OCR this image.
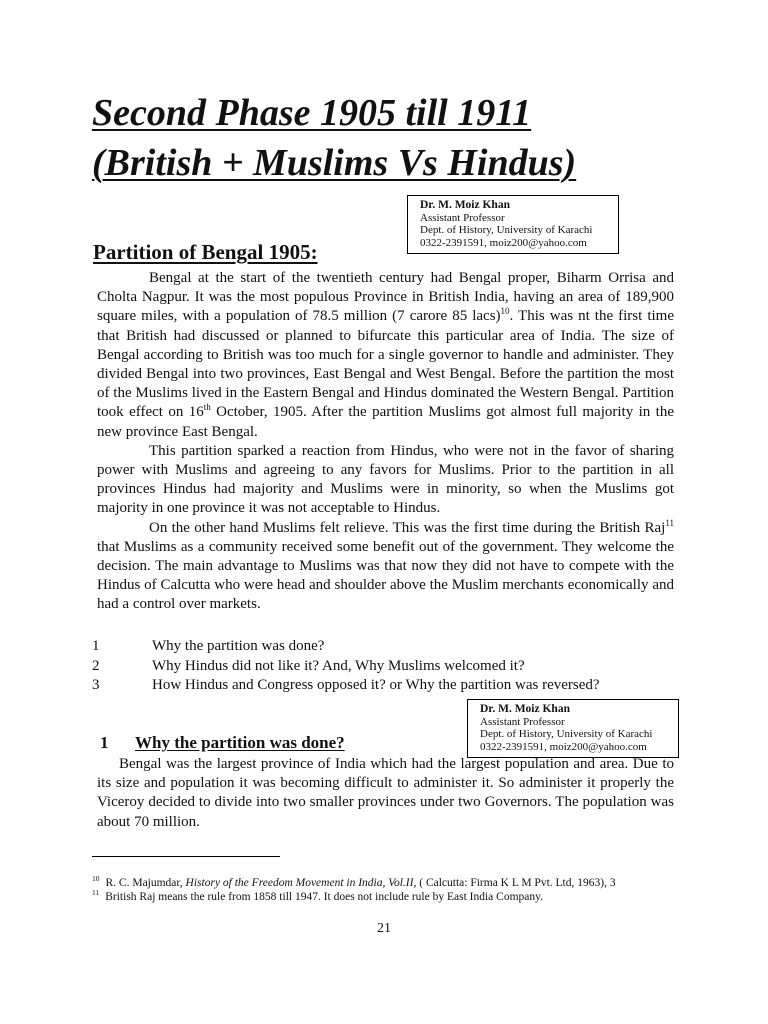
Second Phase 1905 till 1911
(British + Muslims Vs Hindus)
Dr. M. Moiz Khan
Assistant Professor
Dept. of History, University of Karachi
0322-2391591, moiz200@yahoo.com
Partition of Bengal 1905:

Bengal at the start of the twentieth century had Bengal proper, Biharm Orrisa and Cholta Nagpur. It was the most populous Province in British India, having an area of 189,900 square miles, with a population of 78.5 million (7 carore 85 lacs)$^{10}$. This was nt the first time that British had discussed or planned to bifurcate this particular area of India. The size of Bengal according to British was too much for a single governor to handle and administer. They divided Bengal into two provinces, East Bengal and West Bengal. Before the partition the most of the Muslims lived in the Eastern Bengal and Hindus dominated the Western Bengal. Partition took effect on 16th October, 1905. After the partition Muslims got almost full majority in the new province East Bengal.

This partition sparked a reaction from Hindus, who were not in the favor of sharing power with Muslims and agreeing to any favors for Muslims. Prior to the partition in all provinces Hindus had majority and Muslims were in minority, so when the Muslims got majority in one province it was not acceptable to Hindus.

On the other hand Muslims felt relieve. This was the first time during the British Raj$^{11}$ that Muslims as a community received some benefit out of the government. They welcome the decision. The main advantage to Muslims was that now they did not have to compete with the Hindus of Calcutta who were head and shoulder above the Muslim merchants economically and had a control over markets.

1	Why the partition was done?
2	Why Hindus did not like it? And, Why Muslims welcomed it?
3	How Hindus and Congress opposed it? or Why the partition was reversed?
Dr. M. Moiz Khan
Assistant Professor
Dept. of History, University of Karachi
0322-2391591, moiz200@yahoo.com
1 Why the partition was done?

Bengal was the largest province of India which had the largest population and area. Due to its size and population it was becoming difficult to administer it. So administer it properly the Viceroy decided to divide into two smaller provinces under two Governors. The population was about 70 million.

$^{10}$ R. C. Majumdar, History of the Freedom Movement in India, Vol.II, ( Calcutta: Firma K L M Pvt. Ltd, 1963), 3

$^{11}$ British Raj means the rule from 1858 till 1947. It does not include rule by East India Company.

21
